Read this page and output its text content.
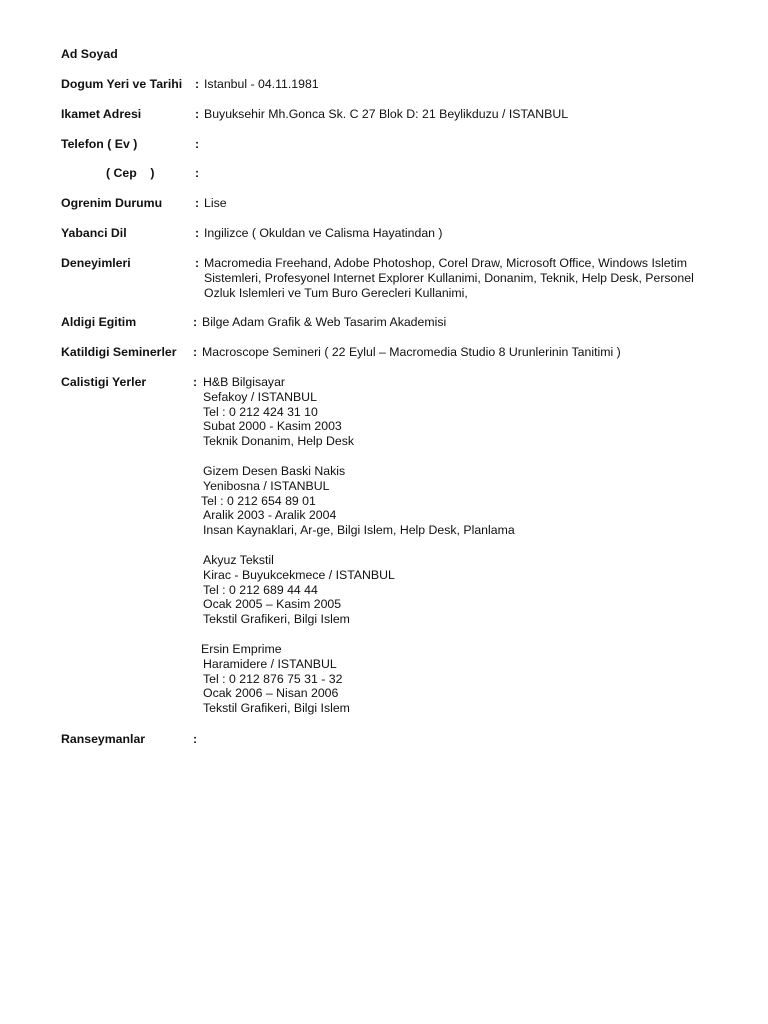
Ad Soyad
Dogum Yeri ve Tarihi : Istanbul - 04.11.1981
Ikamet Adresi	: Buyuksehir Mh.Gonca Sk. C 27 Blok D: 21 Beylikduzu / ISTANBUL
Telefon ( Ev )	:
( Cep    )	:
Ogrenim Durumu	: Lise
Yabanci Dil	: Ingilizce ( Okuldan ve Calisma Hayatindan )
Deneyimleri	: Macromedia Freehand, Adobe Photoshop, Corel Draw, Microsoft Office, Windows Isletim
Sistemleri, Profesyonel Internet Explorer Kullanimi, Donanim, Teknik, Help Desk, Personel
Ozluk Islemleri ve Tum Buro Gerecleri Kullanimi,
Aldigi Egitim	: Bilge Adam Grafik & Web Tasarim Akademisi
Katildigi Seminerler : Macroscope Semineri ( 22 Eylul – Macromedia Studio 8 Urunlerinin Tanitimi )
Calistigi Yerler	: H&B Bilgisayar
Sefakoy / ISTANBUL
Tel : 0 212 424 31 10
Subat 2000 - Kasim 2003
Teknik Donanim, Help Desk
Gizem Desen Baski Nakis
Yenibosna / ISTANBUL
Tel : 0 212 654 89 01
Aralik 2003 - Aralik 2004
Insan Kaynaklari, Ar-ge, Bilgi Islem, Help Desk, Planlama
Akyuz Tekstil
Kirac - Buyukcekmece / ISTANBUL
Tel : 0 212 689 44 44
Ocak 2005 – Kasim 2005
Tekstil Grafikeri, Bilgi Islem
Ersin Emprime
Haramidere / ISTANBUL
Tel : 0 212 876 75 31 - 32
Ocak 2006 – Nisan 2006
Tekstil Grafikeri, Bilgi Islem
Ranseymanlar	:
